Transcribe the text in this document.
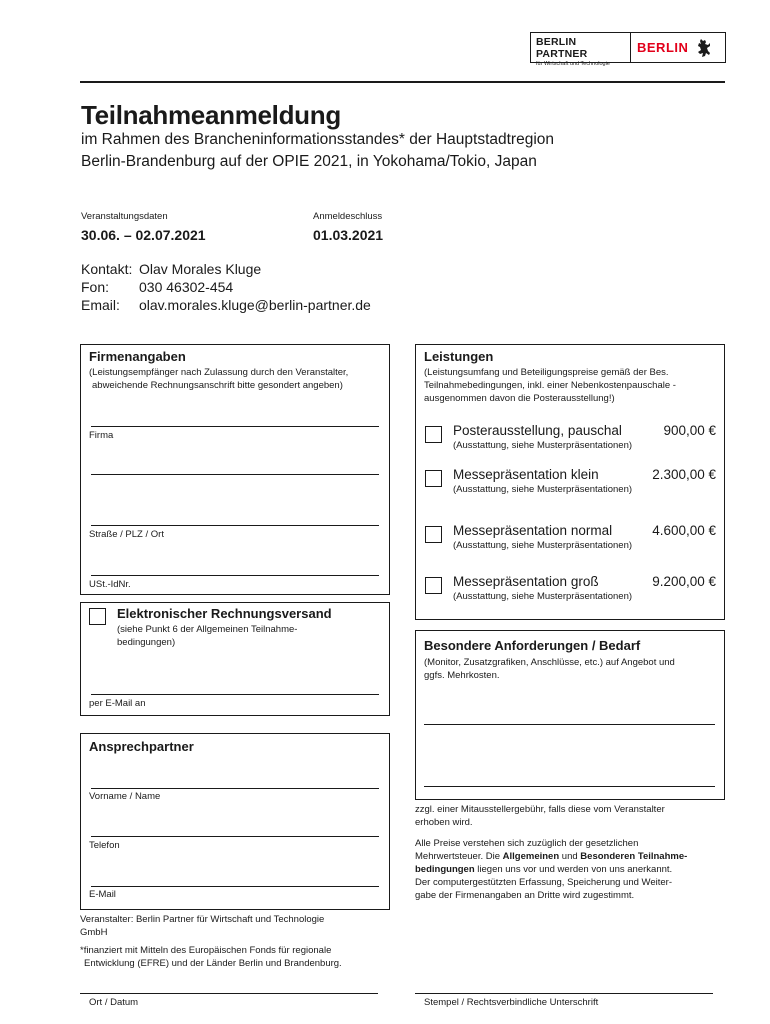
BERLIN PARTNER
für Wirtschaft und Technologie
BERLIN
Teilnahmeanmeldung
im Rahmen des Brancheninformationsstandes* der Hauptstadtregion
Berlin-Brandenburg auf der OPIE 2021, in Yokohama/Tokio, Japan
Veranstaltungsdaten
30.06. – 02.07.2021
Anmeldeschluss
01.03.2021
Kontakt: Olav Morales Kluge
Fon: 030 46302-454
Email: olav.morales.kluge@berlin-partner.de
Firmenangaben
(Leistungsempfänger nach Zulassung durch den Veranstalter,
abweichende Rechnungsanschrift bitte gesondert angeben)
Firma
Straße / PLZ / Ort
USt.-IdNr.
Elektronischer Rechnungsversand
(siehe Punkt 6 der Allgemeinen Teilnahme-
bedingungen)
per E-Mail an
Ansprechpartner
Vorname / Name
Telefon
E-Mail
Veranstalter: Berlin Partner für Wirtschaft und Technologie
GmbH
*finanziert mit Mitteln des Europäischen Fonds für regionale
Entwicklung (EFRE) und der Länder Berlin und Brandenburg.
Leistungen
(Leistungsumfang und Beteiligungspreise gemäß der Bes.
Teilnahmebedingungen, inkl. einer Nebenkostenpauschale -
ausgenommen davon die Posterausstellung!)
Posterausstellung, pauschal	900,00 €
(Ausstattung, siehe Musterpräsentationen)
Messepräsentation klein	2.300,00 €
(Ausstattung, siehe Musterpräsentationen)
Messepräsentation normal	4.600,00 €
(Ausstattung, siehe Musterpräsentationen)
Messepräsentation groß	9.200,00 €
(Ausstattung, siehe Musterpräsentationen)
Besondere Anforderungen / Bedarf
(Monitor, Zusatzgrafiken, Anschlüsse, etc.) auf Angebot und
ggfs. Mehrkosten.
zzgl. einer Mitausstellergebühr, falls diese vom Veranstalter
erhoben wird.
Alle Preise verstehen sich zuzüglich der gesetzlichen
Mehrwertsteuer. Die Allgemeinen und Besonderen Teilnahme-
bedingungen liegen uns vor und werden von uns anerkannt.
Der computergestützten Erfassung, Speicherung und Weiter-
gabe der Firmenangaben an Dritte wird zugestimmt.
Ort / Datum	Stempel / Rechtsverbindliche Unterschrift
